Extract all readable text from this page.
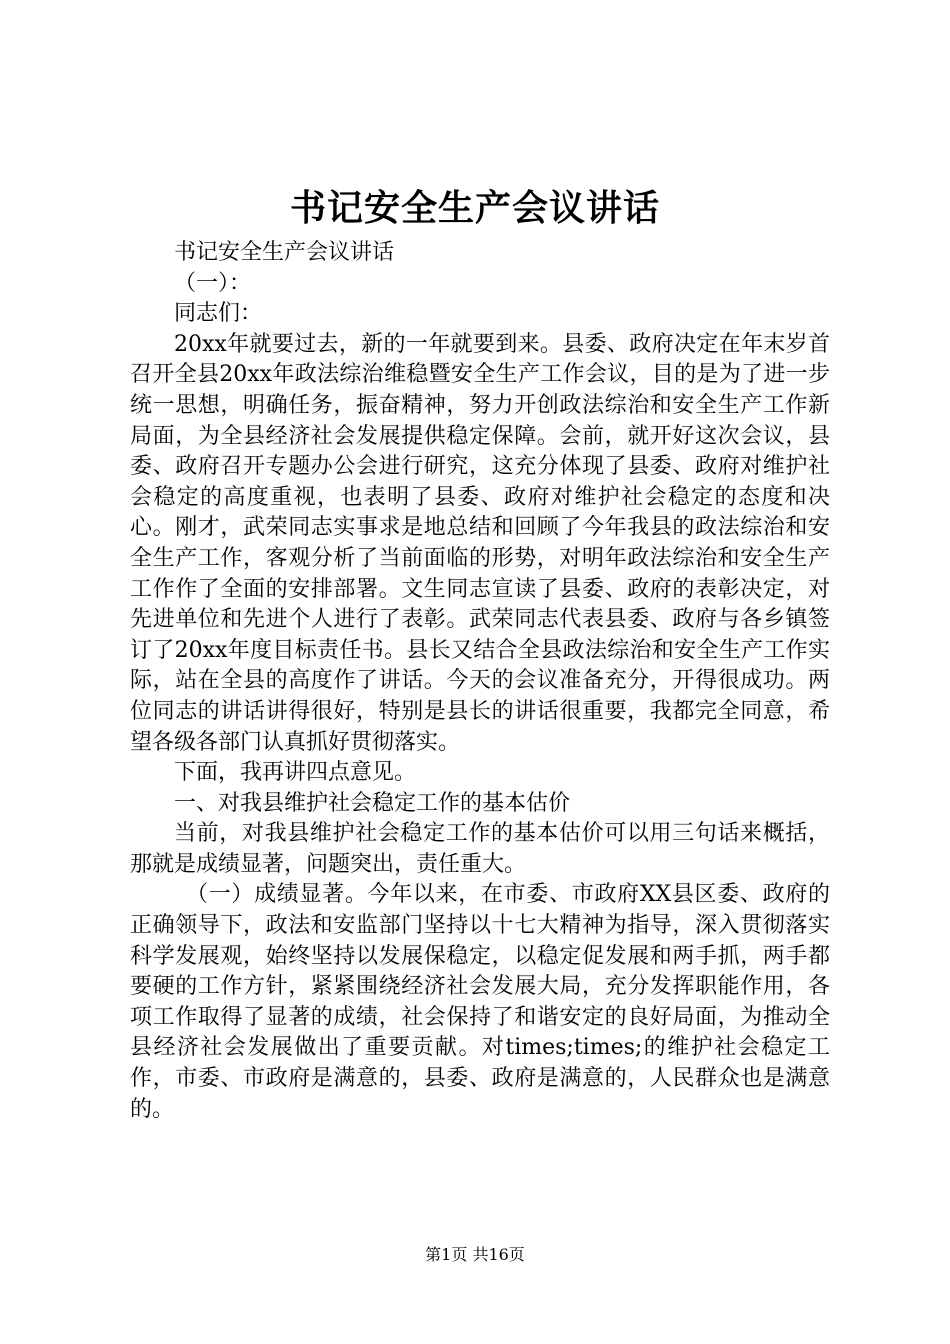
书记安全生产会议讲话

书记安全生产会议讲话

（一）：

同志们：

20xx年就要过去，新的一年就要到来。县委、政府决定在年末岁首召开全县20xx年政法综治维稳暨安全生产工作会议，目的是为了进一步统一思想，明确任务，振奋精神，努力开创政法综治和安全生产工作新局面，为全县经济社会发展提供稳定保障。会前，就开好这次会议，县委、政府召开专题办公会进行研究，这充分体现了县委、政府对维护社会稳定的高度重视，也表明了县委、政府对维护社会稳定的态度和决心。刚才，武荣同志实事求是地总结和回顾了今年我县的政法综治和安全生产工作，客观分析了当前面临的形势，对明年政法综治和安全生产工作作了全面的安排部署。文生同志宣读了县委、政府的表彰决定，对先进单位和先进个人进行了表彰。武荣同志代表县委、政府与各乡镇签订了20xx年度目标责任书。县长又结合全县政法综治和安全生产工作实际，站在全县的高度作了讲话。今天的会议准备充分，开得很成功。两位同志的讲话讲得很好，特别是县长的讲话很重要，我都完全同意，希望各级各部门认真抓好贯彻落实。

下面，我再讲四点意见。

一、对我县维护社会稳定工作的基本估价

当前，对我县维护社会稳定工作的基本估价可以用三句话来概括，那就是成绩显著，问题突出，责任重大。

（一）成绩显著。今年以来，在市委、市政府XX县区委、政府的正确领导下，政法和安监部门坚持以十七大精神为指导，深入贯彻落实科学发展观，始终坚持以发展保稳定，以稳定促发展和两手抓，两手都要硬的工作方针，紧紧围绕经济社会发展大局，充分发挥职能作用，各项工作取得了显著的成绩，社会保持了和谐安定的良好局面，为推动全县经济社会发展做出了重要贡献。对times;times;的维护社会稳定工作，市委、市政府是满意的，县委、政府是满意的，人民群众也是满意的。

第1页 共16页
